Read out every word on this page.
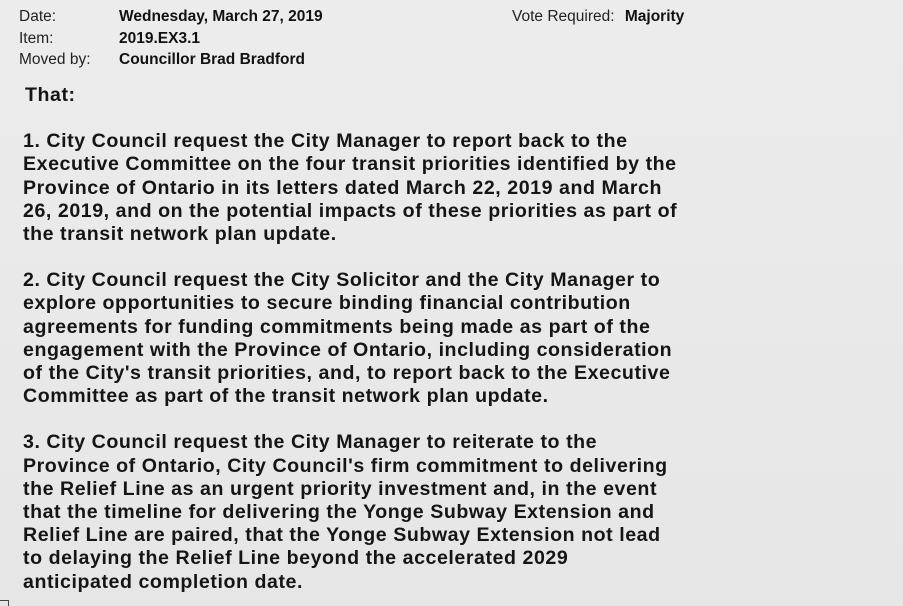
Date:	Wednesday, March 27, 2019	Vote Required: Majority
Item:	2019.EX3.1
Moved by: Councillor Brad Bradford
That:
1. City Council request the City Manager to report back to the
Executive Committee on the four transit priorities identified by the
Province of Ontario in its letters dated March 22, 2019 and March
26, 2019, and on the potential impacts of these priorities as part of
the transit network plan update.
2. City Council request the City Solicitor and the City Manager to
explore opportunities to secure binding financial contribution
agreements for funding commitments being made as part of the
engagement with the Province of Ontario, including consideration
of the City's transit priorities, and, to report back to the Executive
Committee as part of the transit network plan update.
3. City Council request the City Manager to reiterate to the
Province of Ontario, City Council's firm commitment to delivering
the Relief Line as an urgent priority investment and, in the event
that the timeline for delivering the Yonge Subway Extension and
Relief Line are paired, that the Yonge Subway Extension not lead
to delaying the Relief Line beyond the accelerated 2029
anticipated completion date.
